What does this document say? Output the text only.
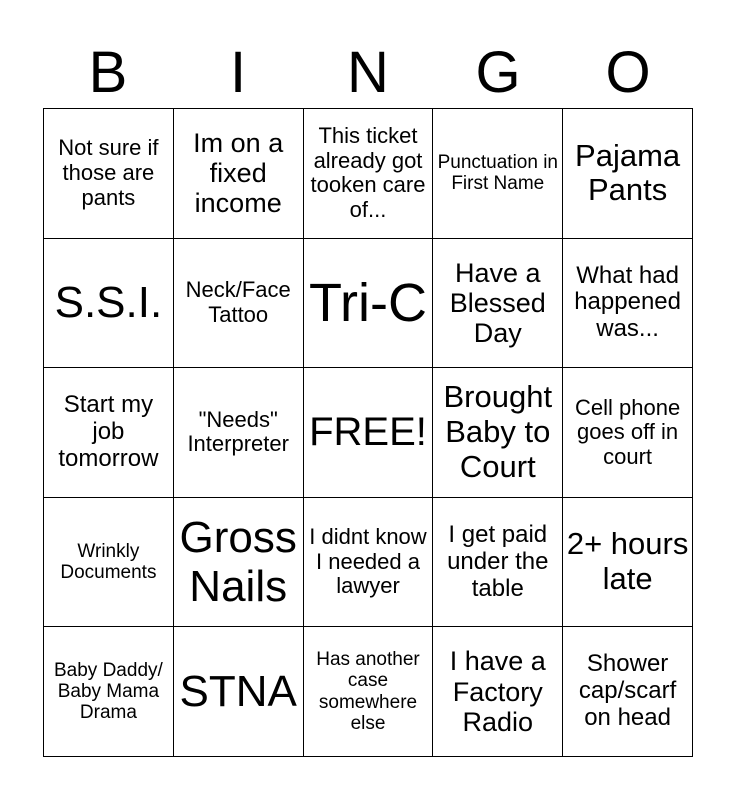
B	I	N	G	O
Not sure if those are pants
Im on a fixed income
This ticket already got tooken care of...
Punctuation in First Name
Pajama Pants
S.S.I.	Neck/Face Tattoo Tri-C
Have a Blessed Day
What had happened was...
Start my job tomorrow
"Needs" Interpreter FREE!
Brought Baby to Court
Cell phone goes off in court
Wrinkly Documents
Gross Nails
I didnt know I needed a lawyer
I get paid under the table
2+ hours late
Baby Daddy/ Baby Mama Drama STNA
Has another case somewhere else
I have a Factory Radio
Shower cap/scarf on head
